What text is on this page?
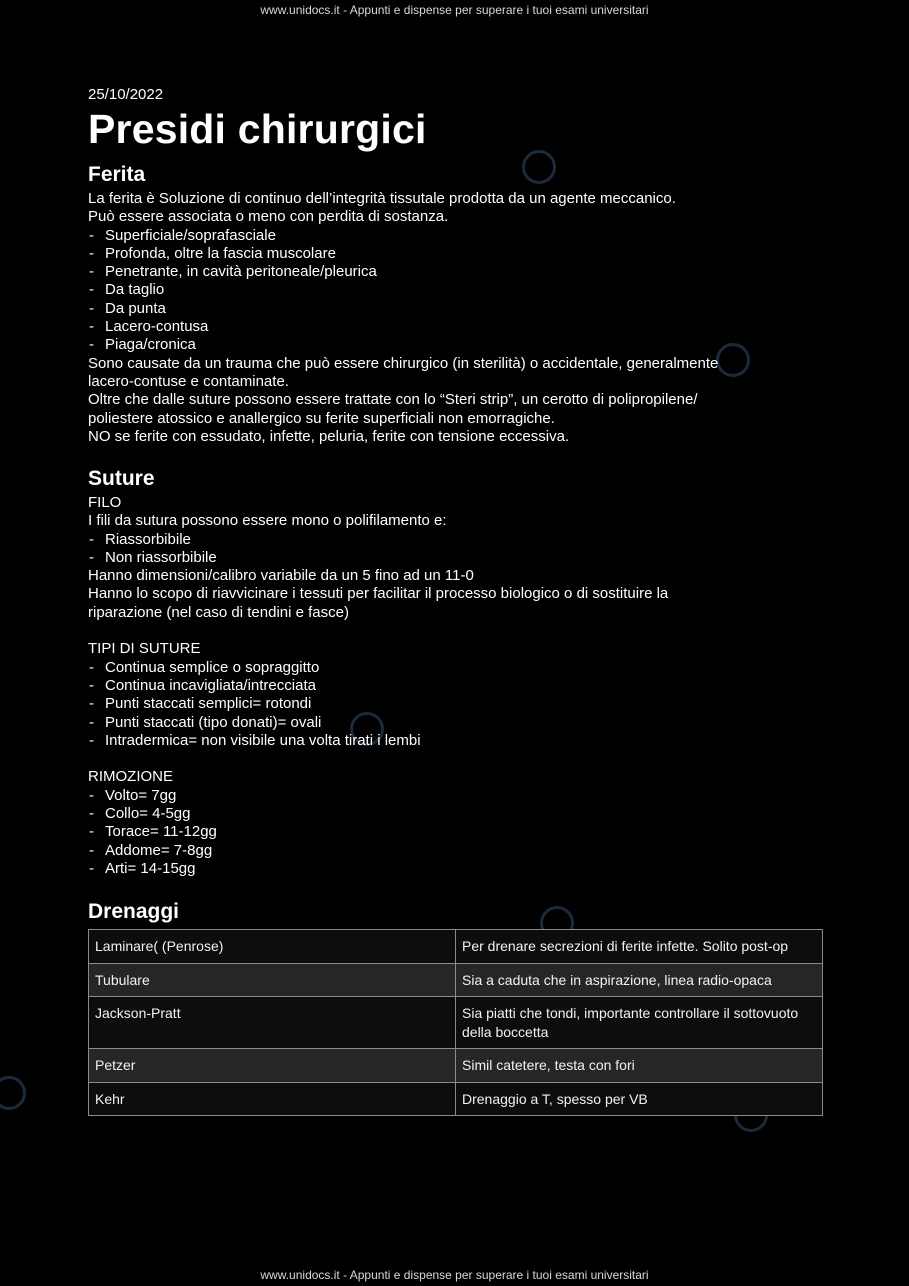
www.unidocs.it - Appunti e dispense per superare i tuoi esami universitari
25/10/2022
Presidi chirurgici
Ferita

La ferita è Soluzione di continuo dell’integrità tissutale prodotta da un agente meccanico.

Può essere associata o meno con perdita di sostanza.

- Superficiale/soprafasciale
- Profonda, oltre la fascia muscolare
- Penetrante, in cavità peritoneale/pleurica
- Da taglio
- Da punta
- Lacero-contusa
- Piaga/cronica

Sono causate da un trauma che può essere chirurgico (in sterilità) o accidentale, generalmente

lacero-contuse e contaminate.

Oltre che dalle suture possono essere trattate con lo “Steri strip”, un cerotto di polipropilene/

poliestere atossico e anallergico su ferite superficiali non emorragiche.

NO se ferite con essudato, infette, peluria, ferite con tensione eccessiva.

Suture

FILO

I fili da sutura possono essere mono o polifilamento e:

- Riassorbibile
- Non riassorbibile

Hanno dimensioni/calibro variabile da un 5 fino ad un 11-0

Hanno lo scopo di riavvicinare i tessuti per facilitar il processo biologico o di sostituire la

riparazione (nel caso di tendini e fasce)

TIPI DI SUTURE

- Continua semplice o sopraggitto
- Continua incavigliata/intrecciata
- Punti staccati semplici= rotondi
- Punti staccati (tipo donati)= ovali
- Intradermica= non visibile una volta tirati i lembi

RIMOZIONE

- Volto= 7gg
- Collo= 4-5gg
- Torace= 11-12gg
- Addome= 7-8gg
- Arti= 14-15gg
Drenaggi
Laminare( (Penrose)	Per drenare secrezioni di ferite infette. Solito post-op
Tubulare	Sia a caduta che in aspirazione, linea radio-opaca
Jackson-Pratt	Sia piatti che tondi, importante controllare il sottovuoto della boccetta
Petzer	Simil catetere, testa con fori
Kehr	Drenaggio a T, spesso per VB
www.unidocs.it - Appunti e dispense per superare i tuoi esami universitari
